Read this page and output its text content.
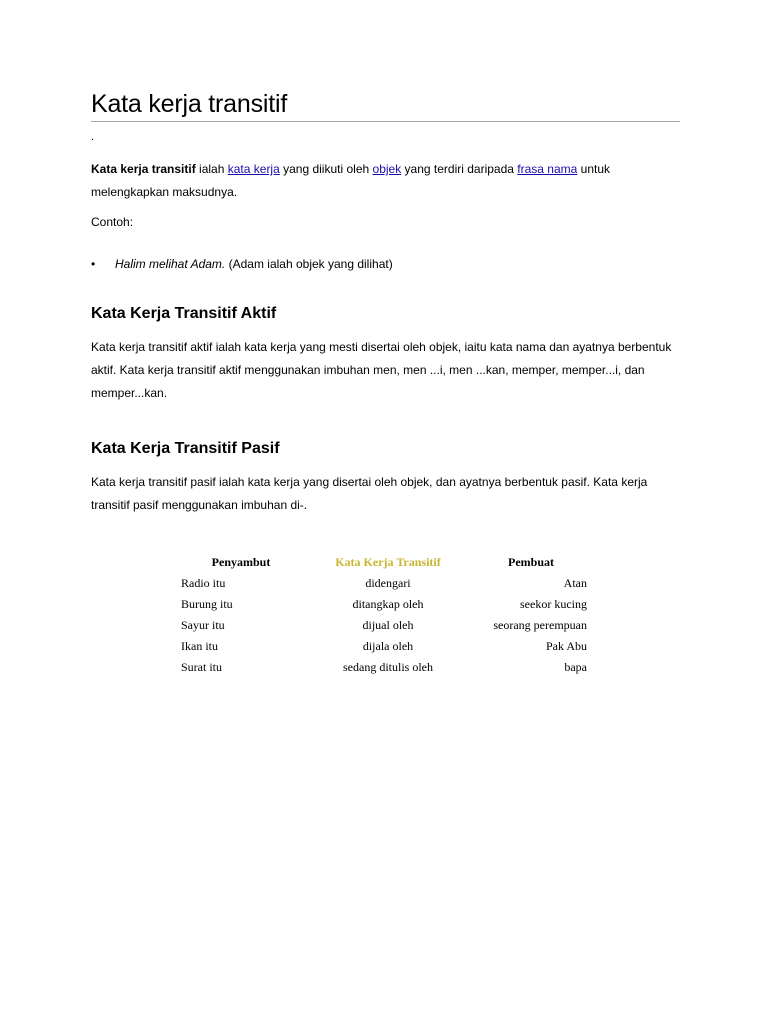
Kata kerja transitif
.

Kata kerja transitif ialah kata kerja yang diikuti oleh objek yang terdiri daripada frasa nama untuk melengkapkan maksudnya.

Contoh:

• Halim melihat Adam. (Adam ialah objek yang dilihat)
Kata Kerja Transitif Aktif

Kata kerja transitif aktif ialah kata kerja yang mesti disertai oleh objek, iaitu kata nama dan ayatnya berbentuk aktif. Kata kerja transitif aktif menggunakan imbuhan men, men ...i, men ...kan, memper, memper...i, dan memper...kan.

Kata Kerja Transitif Pasif

Kata kerja transitif pasif ialah kata kerja yang disertai oleh objek, dan ayatnya berbentuk pasif. Kata kerja transitif pasif menggunakan imbuhan di-.

Penyambut	Kata Kerja Transitif	Pembuat
Radio itu	didengari	Atan
Burung itu	ditangkap oleh	seekor kucing
Sayur itu	dijual oleh	seorang perempuan
Ikan itu	dijala oleh	Pak Abu
Surat itu	sedang ditulis oleh	bapa
